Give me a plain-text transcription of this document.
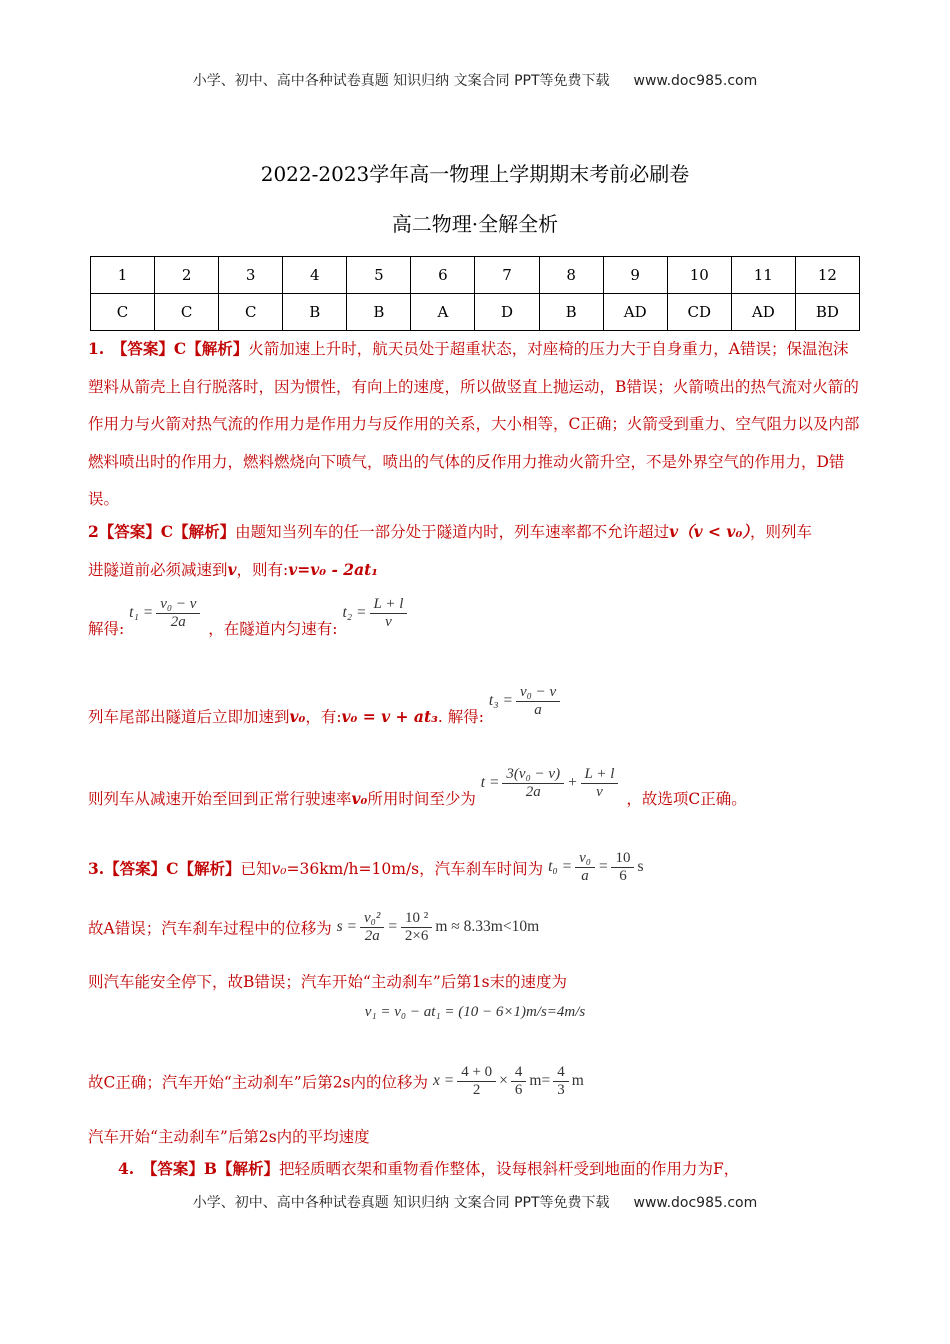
小学、初中、高中各种试卷真题 知识归纳 文案合同 PPT等免费下载 www.doc985.com
2022-2023学年高一物理上学期期末考前必刷卷
高二物理·全解全析
1	2	3	4	5	6	7	8	9	10	11	12
C	C	C	B	B	A	D	B	AD	CD	AD	BD
1.　【答案】C【解析】火箭加速上升时，航天员处于超重状态，对座椅的压力大于自身重力，A错误；保温泡沫塑料从箭壳上自行脱落时，因为惯性，有向上的速度，所以做竖直上抛运动，B错误；火箭喷出的热气流对火箭的作用力与火箭对热气流的作用力是作用力与反作用的关系，大小相等，C正确；火箭受到重力、空气阻力以及内部燃料喷出时的作用力，燃料燃烧向下喷气，喷出的气体的反作用力推动火箭升空，不是外界空气的作用力，D错误。
2【答案】C【解析】由题知当列车的任一部分处于隧道内时，列车速率都不允许超过v（v < v₀），则列车
进隧道前必须减速到v，则有:v=v₀ - 2at₁
解得: $t_1 = \frac{\text{v₀ − v}}{2a}$ ，在隧道内匀速有: $t_2 = \frac{L + l}{v}$
列车尾部出隧道后立即加速到v₀，有:v₀ = v + at₃. 解得: $t_3 = \frac{\text{v₀ − v}}{a}$
则列车从减速开始至回到正常行驶速率v₀所用时间至少为 $t = \frac{\text{3(v₀ − v)}}{2a} + \frac{L + l}{v}$ ，故选项C正确。
3.【答案】C【解析】已知v₀=36km/h=10m/s，汽车刹车时间为 $t_0 = \frac{\text{v₀}}{a} = \frac{10}{6}$ s
故A错误；汽车刹车过程中的位移为 $s = \frac{\text{v₀²}}{2a} = \frac{\text{10 ²}}{2\times 6}$ m ≈ 8.33m<10m
则汽车能安全停下，故B错误；汽车开始“主动刹车”后第1s末的速度为
v₁ = v₀ − at₁ = (10 − 6×1)m/s=4m/s
故C正确；汽车开始“主动刹车”后第2s内的位移为 $x = \frac{4 + 0}{2} \times \frac{4}{6} m= \frac{4}{3}$ m
汽车开始“主动刹车”后第2s内的平均速度
4.　【答案】B【解析】把轻质晒衣架和重物看作整体，设每根斜杆受到地面的作用力为F，
小学、初中、高中各种试卷真题 知识归纳 文案合同 PPT等免费下载 www.doc985.com
